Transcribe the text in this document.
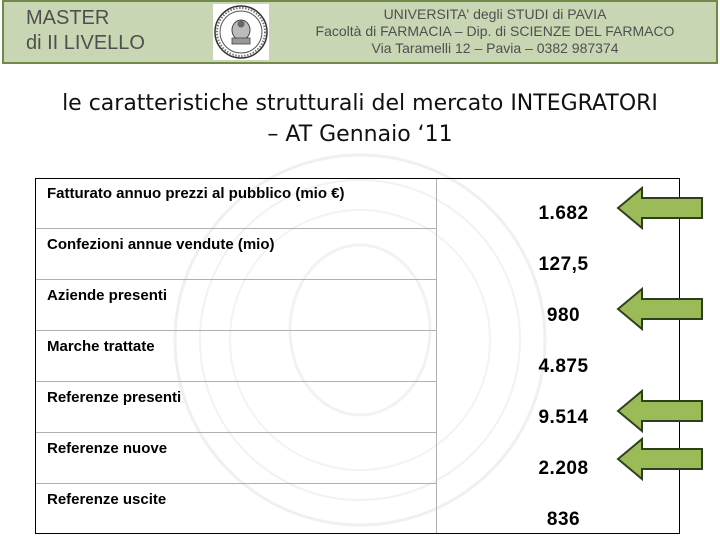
MASTER
di II LIVELLO
UNIVERSITA' degli STUDI di PAVIA
Facoltà di FARMACIA – Dip. di SCIENZE DEL FARMACO
Via Taramelli 12 – Pavia – 0382 987374
le caratteristiche strutturali del mercato INTEGRATORI
– AT Gennaio ‘11
Fatturato annuo prezzi al pubblico (mio €)
1.682
Confezioni annue vendute (mio)
127,5
Aziende presenti
980
Marche trattate
4.875
Referenze presenti
9.514
Referenze nuove
2.208
Referenze uscite
836
